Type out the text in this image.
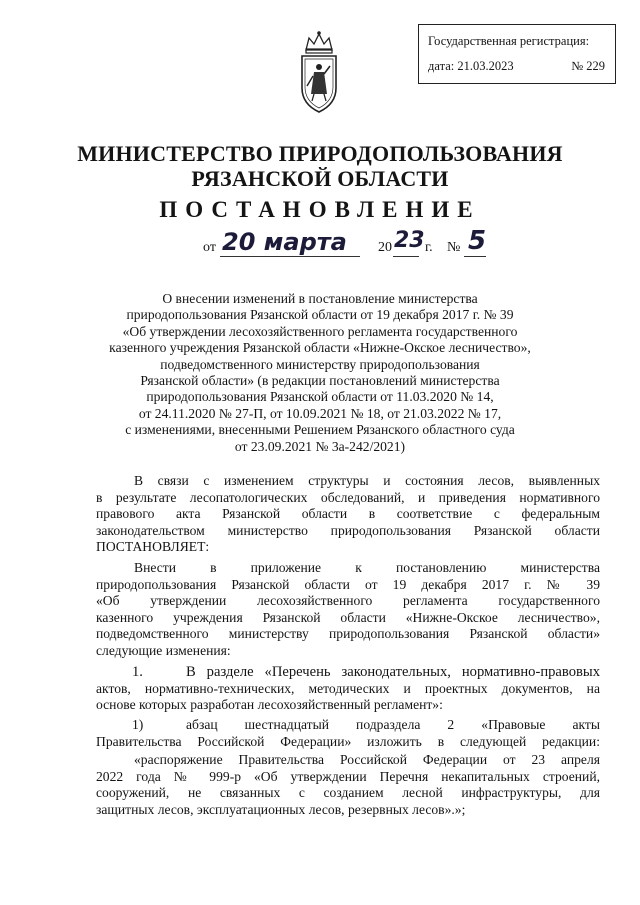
Государственная регистрация:
дата: 21.03.2023	№ 229
МИНИСТЕРСТВО ПРИРОДОПОЛЬЗОВАНИЯ
РЯЗАНСКОЙ ОБЛАСТИ
ПОСТАНОВЛЕНИЕ
от 20 марта 20 23 г. № 5
О внесении изменений в постановление министерства
природопользования Рязанской области от 19 декабря 2017 г. № 39
«Об утверждении лесохозяйственного регламента государственного
казенного учреждения Рязанской области «Нижне-Окское лесничество»,
подведомственного министерству природопользования
Рязанской области» (в редакции постановлений министерства
природопользования Рязанской области от 11.03.2020 № 14,
от 24.11.2020 № 27-П, от 10.09.2021 № 18, от 21.03.2022 № 17,
с изменениями, внесенными Решением Рязанского областного суда
от 23.09.2021 № 3а-242/2021)
В связи с изменением структуры и состояния лесов, выявленных
в результате лесопатологических обследований, и приведения нормативного
правового акта Рязанской области в соответствие с федеральным
законодательством министерство природопользования Рязанской области
ПОСТАНОВЛЯЕТ:
Внести в приложение к постановлению министерства
природопользования Рязанской области от 19 декабря 2017 г. № 39
«Об утверждении лесохозяйственного регламента государственного
казенного учреждения Рязанской области «Нижне-Окское лесничество»,
подведомственного министерству природопользования Рязанской области»
следующие изменения:
1.	В разделе «Перечень законодательных, нормативно-правовых
актов, нормативно-технических, методических и проектных документов, на
основе которых разработан лесохозяйственный регламент»:
1)	абзац шестнадцатый подраздела 2 «Правовые акты
Правительства Российской Федерации» изложить в следующей редакции:
«распоряжение Правительства Российской Федерации от 23 апреля
2022 года № 999-р «Об утверждении Перечня некапитальных строений,
сооружений, не связанных с созданием лесной инфраструктуры, для
защитных лесов, эксплуатационных лесов, резервных лесов».»;
